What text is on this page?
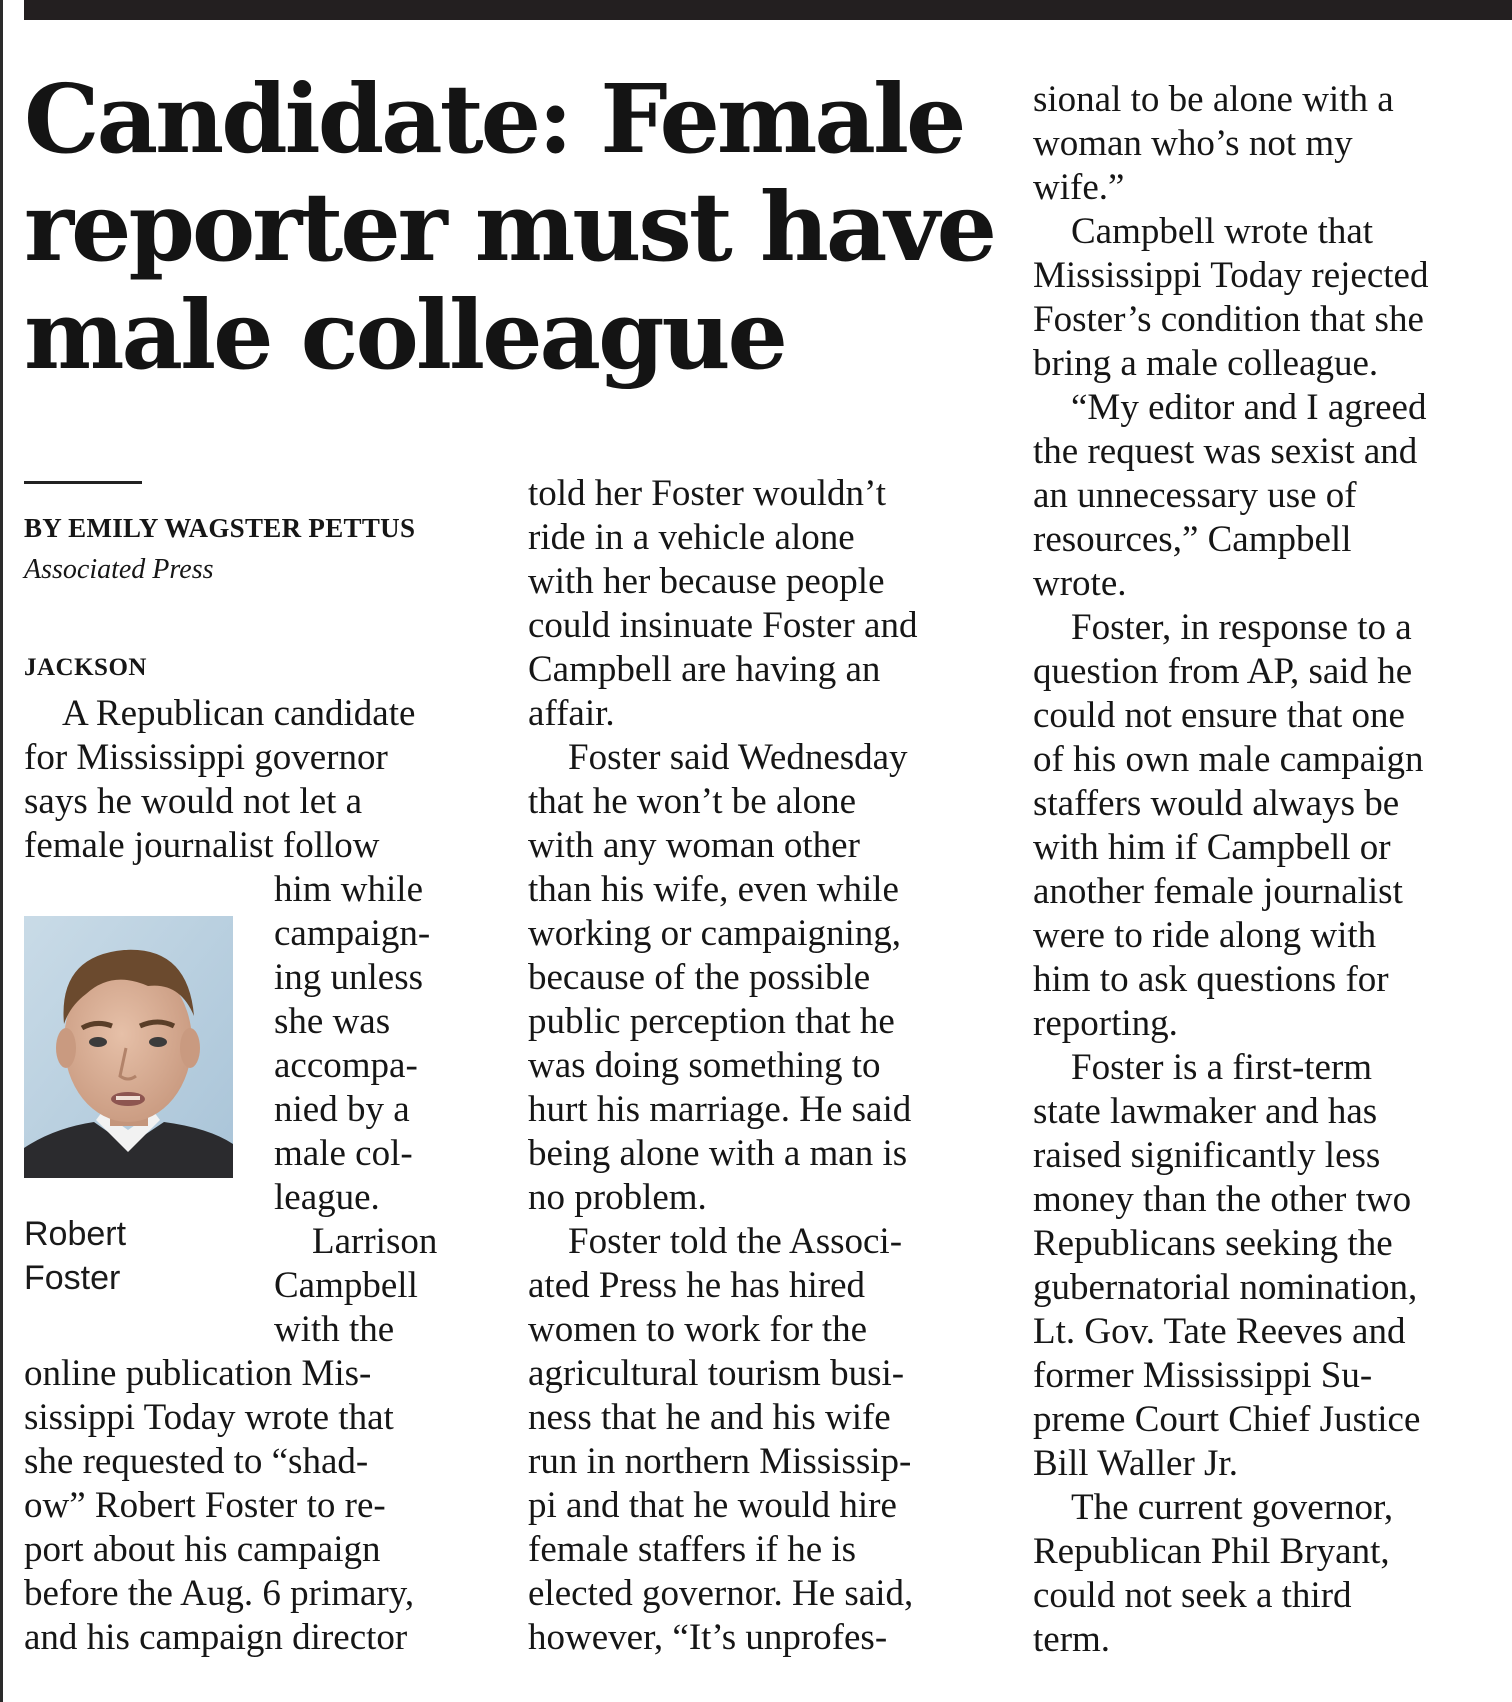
Candidate: Female
reporter must have
male colleague
BY EMILY WAGSTER PETTUS
Associated Press
JACKSON
Robert
Foster
A Republican candidate
for Mississippi governor
says he would not let a
female journalist follow
him while
campaign-
ing unless
she was
accompa-
nied by a
male col-
league.
Larrison
Campbell
with the
online publication Mis-
sissippi Today wrote that
she requested to “shad-
ow” Robert Foster to re-
port about his campaign
before the Aug. 6 primary,
and his campaign director
told her Foster wouldn’t
ride in a vehicle alone
with her because people
could insinuate Foster and
Campbell are having an
affair.
Foster said Wednesday
that he won’t be alone
with any woman other
than his wife, even while
working or campaigning,
because of the possible
public perception that he
was doing something to
hurt his marriage. He said
being alone with a man is
no problem.
Foster told the Associ-
ated Press he has hired
women to work for the
agricultural tourism busi-
ness that he and his wife
run in northern Mississip-
pi and that he would hire
female staffers if he is
elected governor. He said,
however, “It’s unprofes-
sional to be alone with a
woman who’s not my
wife.”
Campbell wrote that
Mississippi Today rejected
Foster’s condition that she
bring a male colleague.
“My editor and I agreed
the request was sexist and
an unnecessary use of
resources,” Campbell
wrote.
Foster, in response to a
question from AP, said he
could not ensure that one
of his own male campaign
staffers would always be
with him if Campbell or
another female journalist
were to ride along with
him to ask questions for
reporting.
Foster is a first-term
state lawmaker and has
raised significantly less
money than the other two
Republicans seeking the
gubernatorial nomination,
Lt. Gov. Tate Reeves and
former Mississippi Su-
preme Court Chief Justice
Bill Waller Jr.
The current governor,
Republican Phil Bryant,
could not seek a third
term.
